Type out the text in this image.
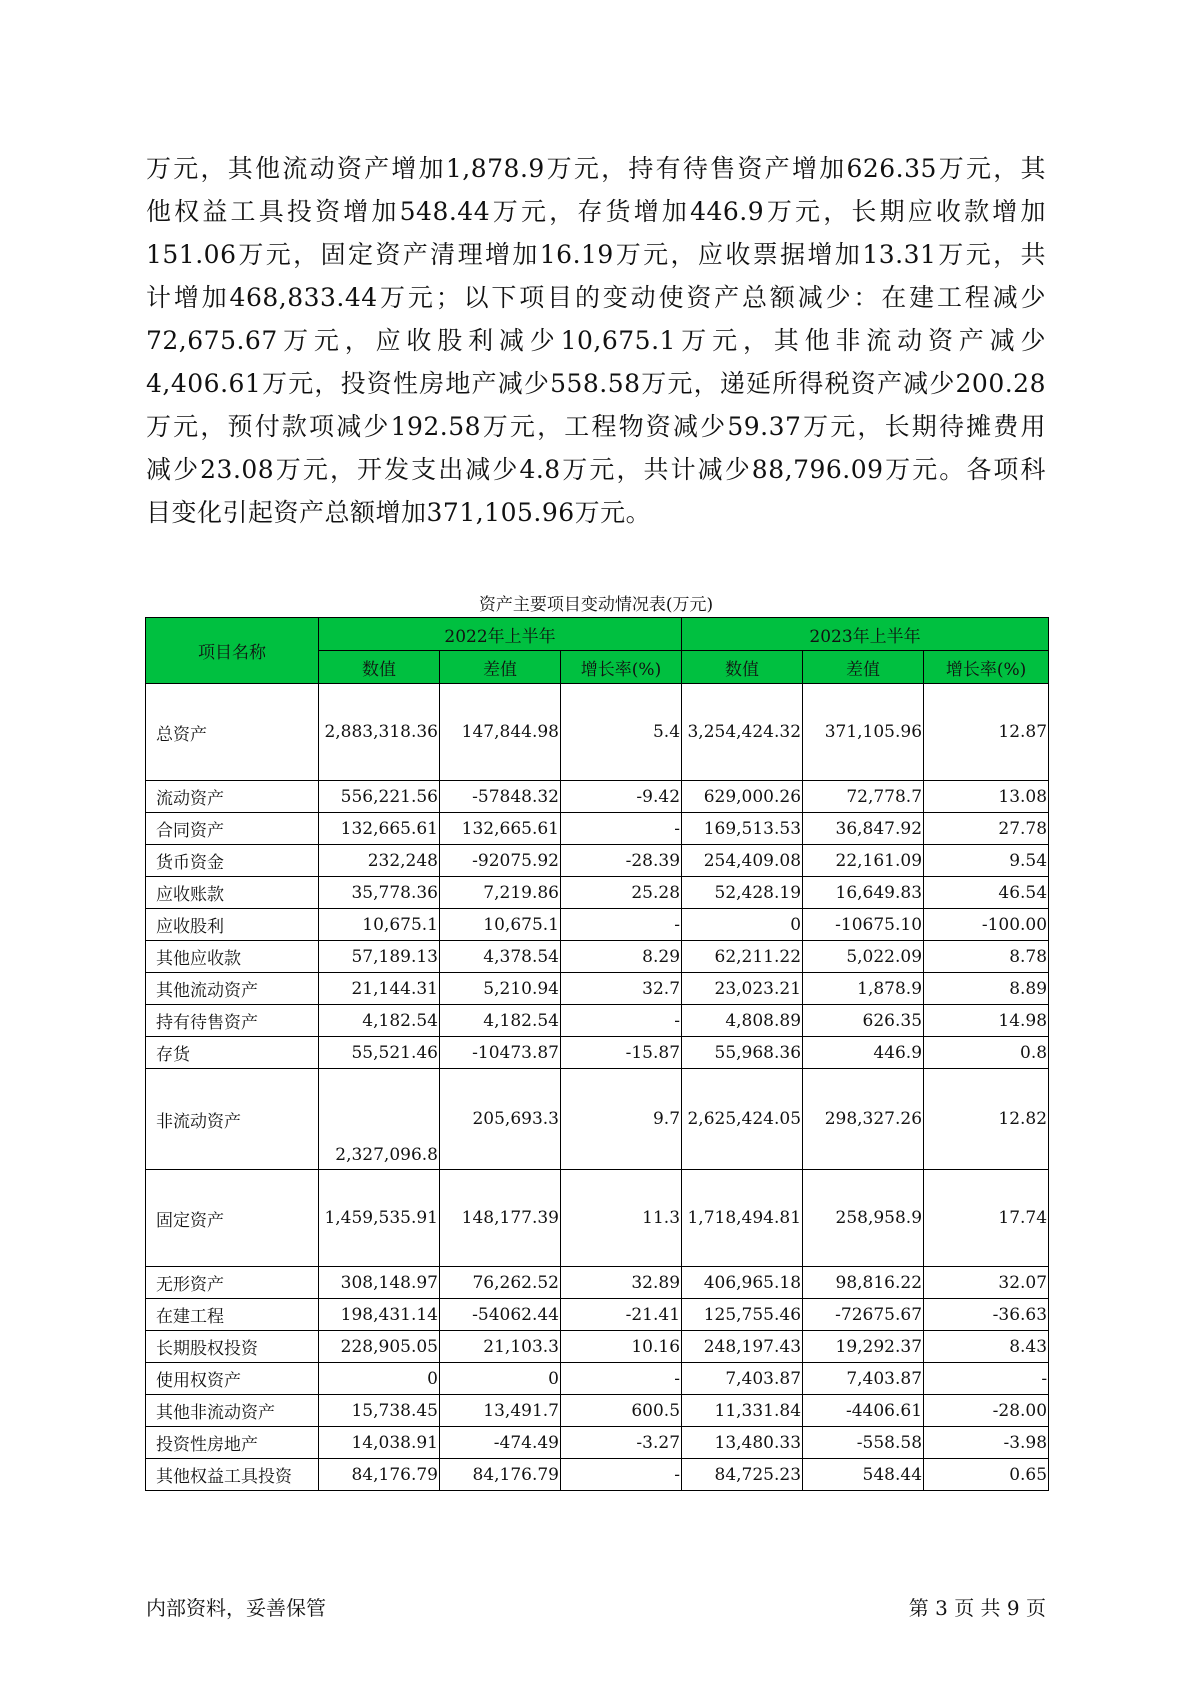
万元，其他流动资产增加1,878.9万元，持有待售资产增加626.35万元，其
他权益工具投资增加548.44万元，存货增加446.9万元，长期应收款增加
151.06万元，固定资产清理增加16.19万元，应收票据增加13.31万元，共
计增加468,833.44万元；以下项目的变动使资产总额减少：在建工程减少
72,675.67万元，应收股利减少10,675.1万元，其他非流动资产减少
4,406.61万元，投资性房地产减少558.58万元，递延所得税资产减少200.28
万元，预付款项减少192.58万元，工程物资减少59.37万元，长期待摊费用
减少23.08万元，开发支出减少4.8万元，共计减少88,796.09万元。各项科
目变化引起资产总额增加371,105.96万元。
资产主要项目变动情况表(万元)
项目名称	2022年上半年			2023年上半年		
	数值	差值	增长率(%)	数值	差值	增长率(%)
总资产	2,883,318.36	147,844.98	5.4	3,254,424.32	371,105.96	12.87
流动资产	556,221.56	-57848.32	-9.42	629,000.26	72,778.7	13.08
合同资产	132,665.61	132,665.61	-	169,513.53	36,847.92	27.78
货币资金	232,248	-92075.92	-28.39	254,409.08	22,161.09	9.54
应收账款	35,778.36	7,219.86	25.28	52,428.19	16,649.83	46.54
应收股利	10,675.1	10,675.1	-	0	-10675.10	-100.00
其他应收款	57,189.13	4,378.54	8.29	62,211.22	5,022.09	8.78
其他流动资产	21,144.31	5,210.94	32.7	23,023.21	1,878.9	8.89
持有待售资产	4,182.54	4,182.54	-	4,808.89	626.35	14.98
存货	55,521.46	-10473.87	-15.87	55,968.36	446.9	0.8
非流动资产	2,327,096.8	205,693.3	9.7	2,625,424.05	298,327.26	12.82
固定资产	1,459,535.91	148,177.39	11.3	1,718,494.81	258,958.9	17.74
无形资产	308,148.97	76,262.52	32.89	406,965.18	98,816.22	32.07
在建工程	198,431.14	-54062.44	-21.41	125,755.46	-72675.67	-36.63
长期股权投资	228,905.05	21,103.3	10.16	248,197.43	19,292.37	8.43
使用权资产	0	0	-	7,403.87	7,403.87	-
其他非流动资产	15,738.45	13,491.7	600.5	11,331.84	-4406.61	-28.00
投资性房地产	14,038.91	-474.49	-3.27	13,480.33	-558.58	-3.98
其他权益工具投资	84,176.79	84,176.79	-	84,725.23	548.44	0.65
内部资料，妥善保管	第 3 页 共 9 页
